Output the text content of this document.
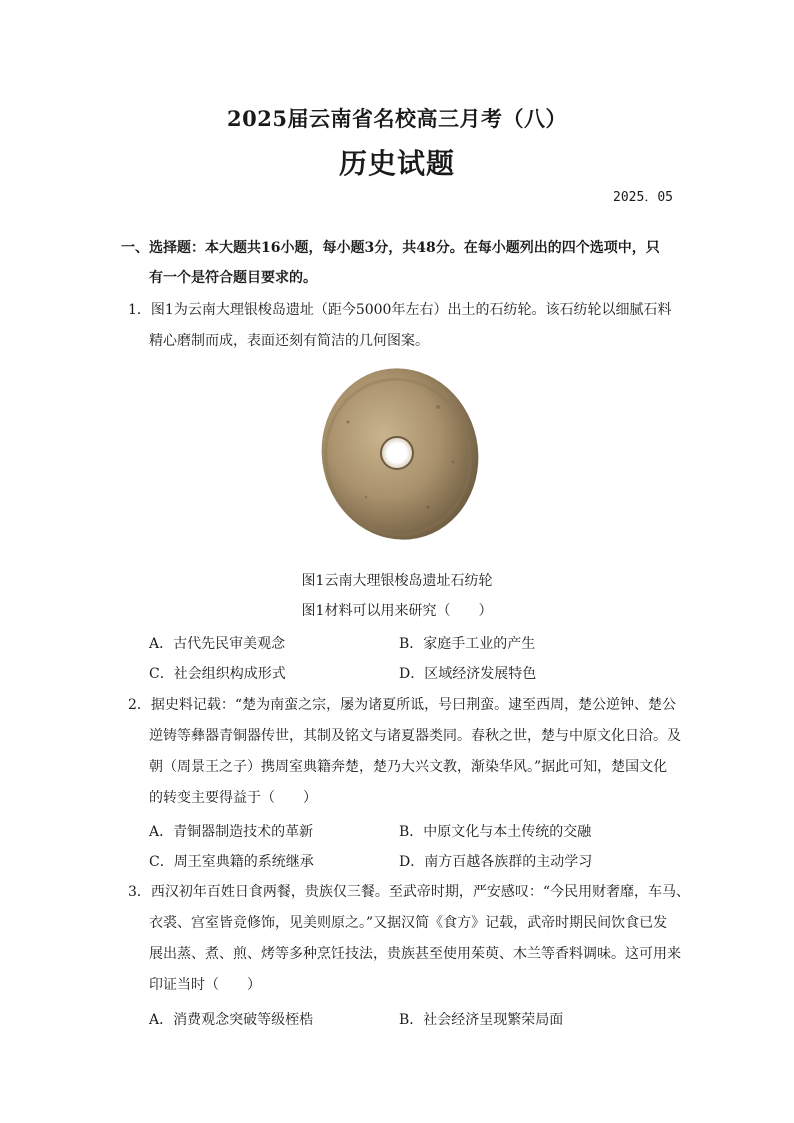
2025届云南省名校高三月考（八）
历史试题
2025．05
一、选择题：本大题共16小题，每小题3分，共48分。在每小题列出的四个选项中，只
有一个是符合题目要求的。
1．图1为云南大理银梭岛遗址（距今5000年左右）出土的石纺轮。该石纺轮以细腻石料
精心磨制而成，表面还刻有简洁的几何图案。
图1云南大理银梭岛遗址石纺轮
图1材料可以用来研究（　　）
A．古代先民审美观念	B．家庭手工业的产生
C．社会组织构成形式	D．区域经济发展特色
2．据史料记载：“楚为南蛮之宗，屡为诸夏所诋，号曰荆蛮。逮至西周，楚公逆钟、楚公
逆铸等彝器青铜器传世，其制及铭文与诸夏器类同。春秋之世，楚与中原文化日洽。及
朝（周景王之子）携周室典籍奔楚，楚乃大兴文教，渐染华风。”据此可知，楚国文化
的转变主要得益于（　　）
A．青铜器制造技术的革新	B．中原文化与本土传统的交融
C．周王室典籍的系统继承	D．南方百越各族群的主动学习
3．西汉初年百姓日食两餐，贵族仅三餐。至武帝时期，严安感叹：“今民用财奢靡，车马、
衣裘、宫室皆竞修饰，见美则原之。”又据汉简《食方》记载，武帝时期民间饮食已发
展出蒸、煮、煎、烤等多种烹饪技法，贵族甚至使用茱萸、木兰等香料调味。这可用来
印证当时（　　）
A．消费观念突破等级桎梏	B．社会经济呈现繁荣局面
